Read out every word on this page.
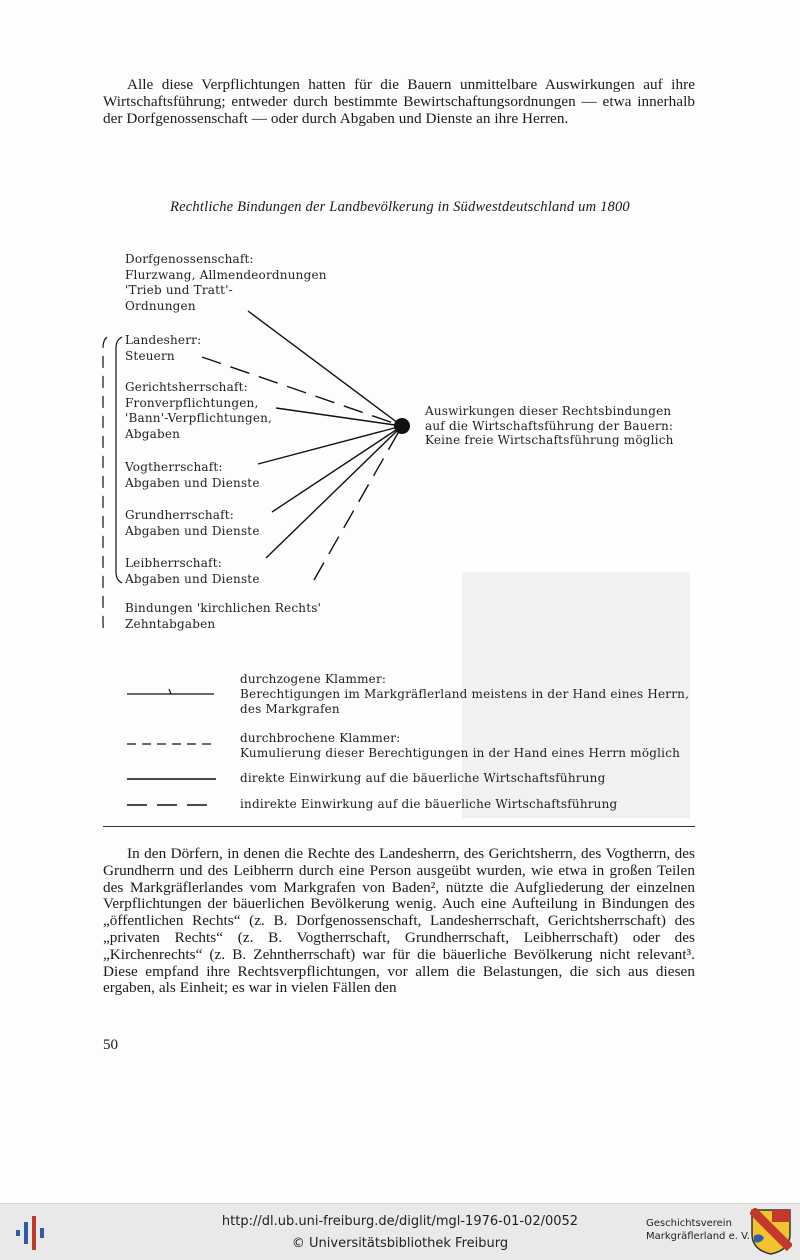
Alle diese Verpflichtungen hatten für die Bauern unmittelbare Auswirkungen auf ihre Wirtschaftsführung; entweder durch bestimmte Bewirtschaftungsordnungen — etwa innerhalb der Dorfgenossenschaft — oder durch Abgaben und Dienste an ihre Herren.

Rechtliche Bindungen der Landbevölkerung in Südwestdeutschland um 1800
Dorfgenossenschaft:
Flurzwang, Allmendeordnungen
'Trieb und Tratt'-
Ordnungen
Landesherr:
Steuern
Gerichtsherrschaft:
Fronverpflichtungen,
'Bann'-Verpflichtungen,
Abgaben
Vogtherrschaft:
Abgaben und Dienste
Grundherrschaft:
Abgaben und Dienste
Leibherrschaft:
Abgaben und Dienste
Bindungen 'kirchlichen Rechts'
Zehntabgaben
Auswirkungen dieser Rechtsbindungen
auf die Wirtschaftsführung der Bauern:
Keine freie Wirtschaftsführung möglich
durchzogene Klammer:
Berechtigungen im Markgräflerland meistens in der Hand eines Herrn,
des Markgrafen
durchbrochene Klammer:
Kumulierung dieser Berechtigungen in der Hand eines Herrn möglich
direkte Einwirkung auf die bäuerliche Wirtschaftsführung
indirekte Einwirkung auf die bäuerliche Wirtschaftsführung

In den Dörfern, in denen die Rechte des Landesherrn, des Gerichtsherrn, des Vogtherrn, des Grundherrn und des Leibherrn durch eine Person ausgeübt wurden, wie etwa in großen Teilen des Markgräflerlandes vom Markgrafen von Baden², nützte die Aufgliederung der einzelnen Verpflichtungen der bäuerlichen Bevölkerung wenig. Auch eine Aufteilung in Bindungen des „öffentlichen Rechts“ (z. B. Dorfgenossenschaft, Landesherrschaft, Gerichtsherrschaft) des „privaten Rechts“ (z. B. Vogtherrschaft, Grundherrschaft, Leibherrschaft) oder des „Kirchenrechts“ (z. B. Zehntherrschaft) war für die bäuerliche Bevölkerung nicht relevant³. Diese empfand ihre Rechtsverpflichtungen, vor allem die Belastungen, die sich aus diesen ergaben, als Einheit; es war in vielen Fällen den

50
http://dl.ub.uni-freiburg.de/diglit/mgl-1976-01-02/0052
© Universitätsbibliothek Freiburg
Geschichtsverein
Markgräflerland e. V.
